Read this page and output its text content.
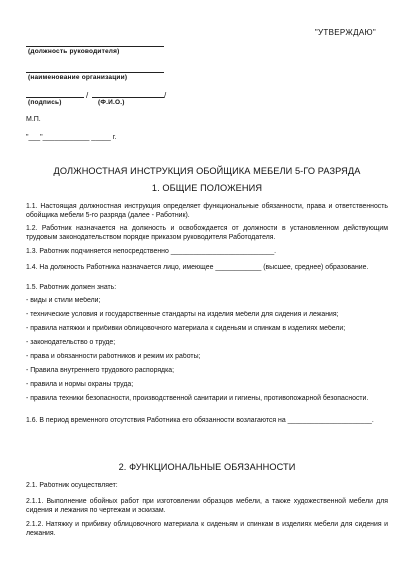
"УТВЕРЖДАЮ"
(должность руководителя)
(наименование организации)
/	/
(подпись)	(Ф.И.О.)
М.П.
"___"____________ _____ г.
ДОЛЖНОСТНАЯ ИНСТРУКЦИЯ ОБОЙЩИКА МЕБЕЛИ 5-ГО РАЗРЯДА
1. ОБЩИЕ ПОЛОЖЕНИЯ
1.1. Настоящая должностная инструкция определяет функциональные обязанности, права и ответственность обойщика мебели 5-го разряда (далее - Работник).
1.2. Работник назначается на должность и освобождается от должности в установленном действующим трудовым законодательством порядке приказом руководителя Работодателя.
1.3. Работник подчиняется непосредственно ___________________________.
1.4. На должность Работника назначается лицо, имеющее ____________ (высшее, среднее) образование.
1.5. Работник должен знать:
- виды и стили мебели;
- технические условия и государственные стандарты на изделия мебели для сидения и лежания;
- правила натяжки и прибивки облицовочного материала к сиденьям и спинкам в изделиях мебели;
- законодательство о труде;
- права и обязанности работников и режим их работы;
- Правила внутреннего трудового распорядка;
- правила и нормы охраны труда;
- правила техники безопасности, производственной санитарии и гигиены, противопожарной безопасности.
1.6. В период временного отсутствия Работника его обязанности возлагаются на ______________________.
2. ФУНКЦИОНАЛЬНЫЕ ОБЯЗАННОСТИ
2.1. Работник осуществляет:
2.1.1. Выполнение обойных работ при изготовлении образцов мебели, а также художественной мебели для сидения и лежания по чертежам и эскизам.
2.1.2. Натяжку и прибивку облицовочного материала к сиденьям и спинкам в изделиях мебели для сидения и лежания.
